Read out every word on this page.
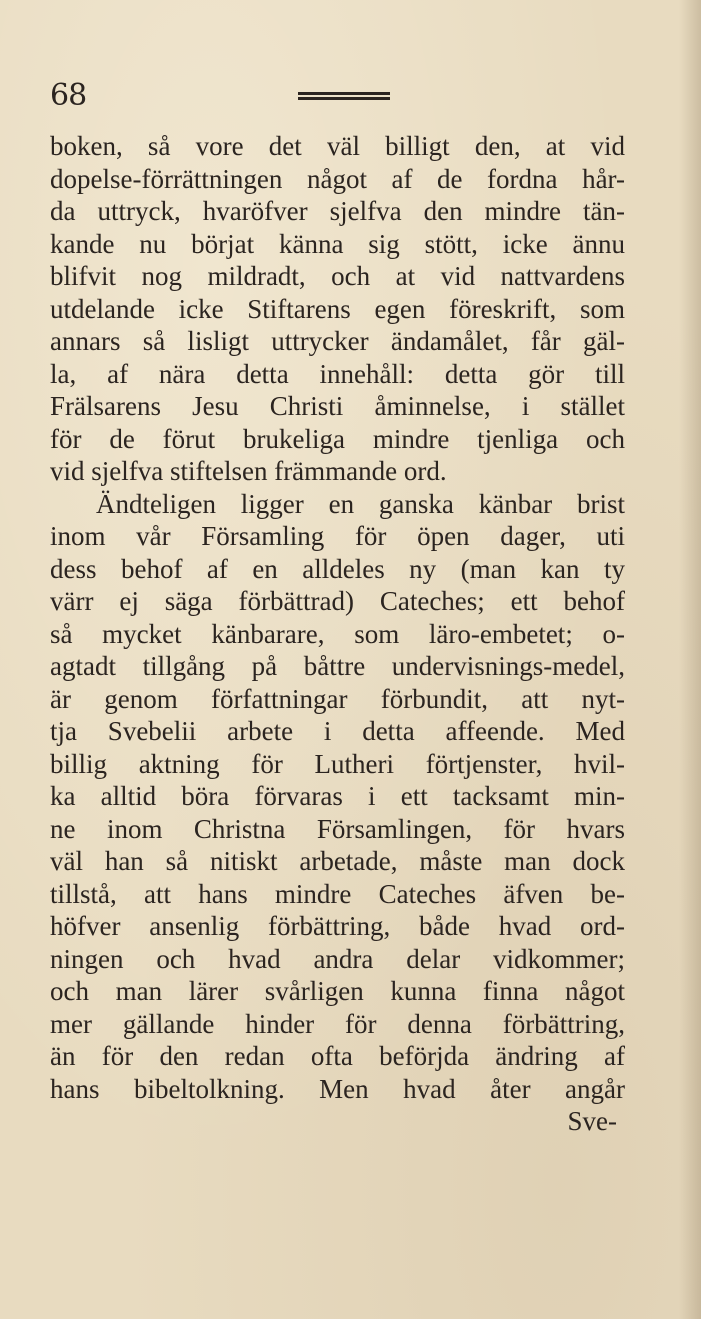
68
boken, så vore det väl billigt den, at vid
dopelse-förrättningen något af de fordna hår-
da uttryck, hvaröfver sjelfva den mindre tän-
kande nu börjat känna sig stött, icke ännu
blifvit nog mildradt, och at vid nattvardens
utdelande icke Stiftarens egen föreskrift, som
annars så lisligt uttrycker ändamålet, får gäl-
la, af nära detta innehåll: detta gör till
Frälsarens Jesu Christi åminnelse, i stället
för de förut brukeliga mindre tjenliga och
vid sjelfva stiftelsen främmande ord.
Ändteligen ligger en ganska känbar brist
inom vår Församling för öpen dager, uti
dess behof af en alldeles ny (man kan ty
värr ej säga förbättrad) Cateches; ett behof
så mycket känbarare, som läro-embetet; o-
agtadt tillgång på båttre undervisnings-medel,
är genom författningar förbundit, att nyt-
tja Svebelii arbete i detta affeende. Med
billig aktning för Lutheri förtjenster, hvil-
ka alltid böra förvaras i ett tacksamt min-
ne inom Christna Församlingen, för hvars
väl han så nitiskt arbetade, måste man dock
tillstå, att hans mindre Cateches äfven be-
höfver ansenlig förbättring, både hvad ord-
ningen och hvad andra delar vidkommer;
och man lärer svårligen kunna finna något
mer gällande hinder för denna förbättring,
än för den redan ofta beförjda ändring af
hans bibeltolkning. Men hvad åter angår
Sve-
